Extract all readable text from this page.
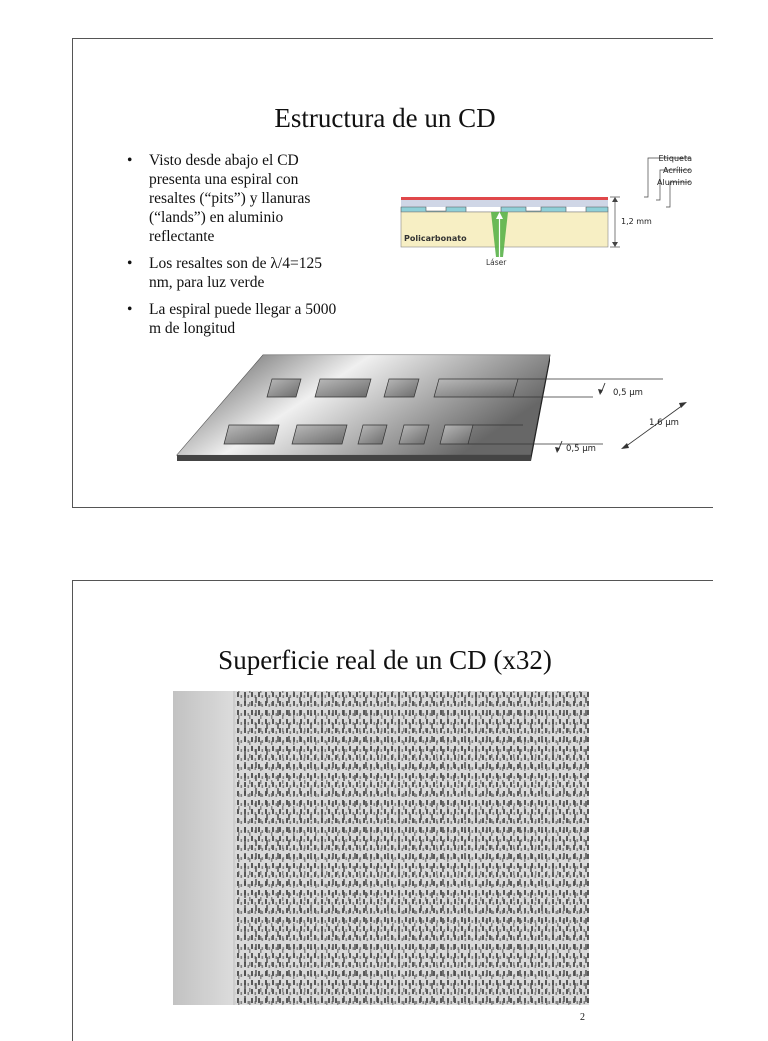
Estructura de un CD
• Visto desde abajo el CD
presenta una espiral con
resaltes (“pits”) y llanuras
(“lands”) en aluminio
reflectante
• Los resaltes son de λ/4=125
nm, para luz verde
• La espiral puede llegar a 5000
m de longitud
Policarbonato
Láser
Etiqueta
Acrílico
Aluminio
1,2 mm
0,5 µm
1,6 µm
0,5 µm
Superficie real de un CD (x32)
2
